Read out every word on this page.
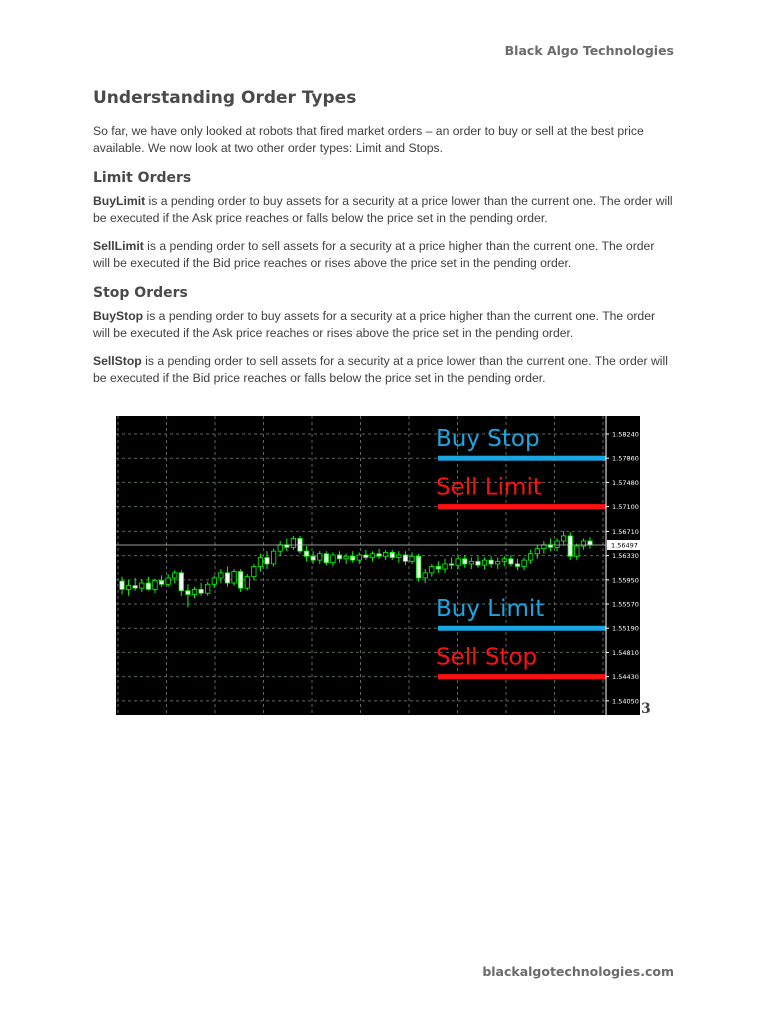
Black Algo Technologies
Understanding Order Types

So far, we have only looked at robots that fired market orders – an order to buy or sell at the best price available. We now look at two other order types: Limit and Stops.

Limit Orders

BuyLimit is a pending order to buy assets for a security at a price lower than the current one. The order will be executed if the Ask price reaches or falls below the price set in the pending order.

SellLimit is a pending order to sell assets for a security at a price higher than the current one. The order will be executed if the Bid price reaches or rises above the price set in the pending order.

Stop Orders

BuyStop is a pending order to buy assets for a security at a price higher than the current one. The order will be executed if the Ask price reaches or rises above the price set in the pending order.

SellStop is a pending order to sell assets for a security at a price lower than the current one. The order will be executed if the Bid price reaches or falls below the price set in the pending order.

Buy Stop
Sell Limit
Buy Limit
Sell Stop
1.58240
1.57860
1.57480
1.57100
1.56710
1.56330
1.55950
1.55570
1.55190
1.54810
1.54430
1.54050
1.56497
3
blackalgotechnologies.com
